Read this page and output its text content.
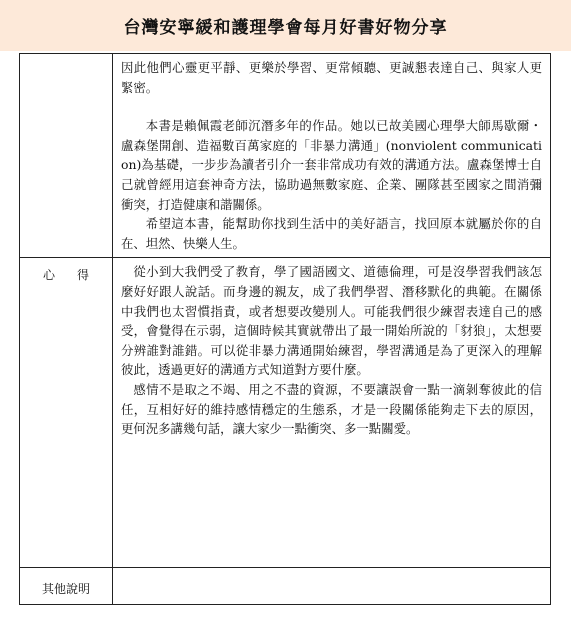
台灣安寧緩和護理學會每月好書好物分享

	因此他們心靈更平靜、更樂於學習、更常傾聽、更誠懇表達自己、與家人更緊密。

本書是賴佩霞老師沉潛多年的作品。她以已故美國心理學大師馬歇爾・盧森堡開創、造福數百萬家庭的「非暴力溝通」(nonviolent communication)為基礎，一步步為讀者引介一套非常成功有效的溝通方法。盧森堡博士自己就曾經用這套神奇方法，協助過無數家庭、企業、團隊甚至國家之間消彌衝突，打造健康和諧關係。

希望這本書，能幫助你找到生活中的美好語言，找回原本就屬於你的自在、坦然、快樂人生。

心得	從小到大我們受了教育，學了國語國文、道德倫理，可是沒學習我們該怎麼好好跟人說話。而身邊的親友，成了我們學習、潛移默化的典範。在關係中我們也太習慣指責，或者想要改變別人。可能我們很少練習表達自己的感受，會覺得在示弱，這個時候其實就帶出了最一開始所說的「豺狼」，太想要分辨誰對誰錯。可以從非暴力溝通開始練習，學習溝通是為了更深入的理解彼此，透過更好的溝通方式知道對方要什麼。

感情不是取之不竭、用之不盡的資源，不要讓誤會一點一滴剝奪彼此的信任，互相好好的維持感情穩定的生態系，才是一段關係能夠走下去的原因，更何況多講幾句話，讓大家少一點衝突、多一點關愛。

其他說明	
